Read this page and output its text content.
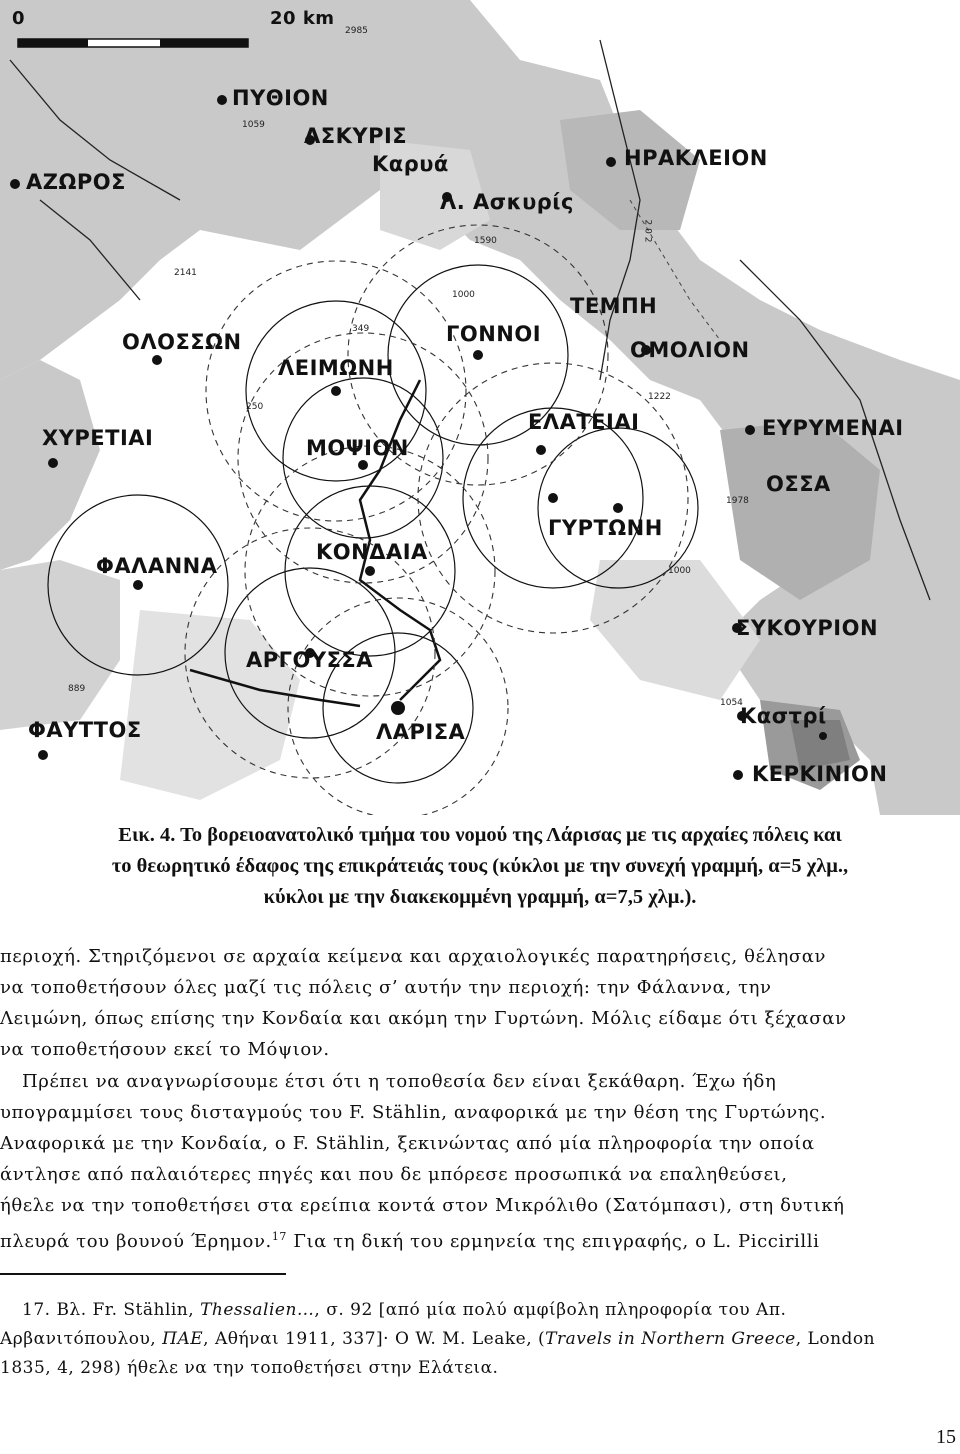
0	20 km
ΠΥΘΙΟΝ
ΑΣΚΥΡΙΣ
Καρυά	ΗΡΑΚΛΕΙΟΝ
ΑΖΩΡΟΣ
Λ. Ασκυρίς
ΤΕΜΠΗ
ΓΟΝΝΟΙ
ΟΛΟΣΣΩΝ	ΟΜΟΛΙΟΝ
ΛΕΙΜΩΝΗ
ΕΛΑΤΕΙΑΙ	ΕΥΡΥΜΕΝΑΙ
ΧΥΡΕΤΙΑΙ	ΜΟΨΙΟΝ
ΟΣΣΑ
ΓΥΡΤΩΝΗ
ΚΟΝΔΑΙΑ
ΦΑΛΑΝΝΑ
ΣΥΚΟΥΡΙΟΝ
ΑΡΓΟΥΣΣΑ
Καστρί
ΦΑΥΤΤΟΣ	ΛΑΡΙΣΑ
ΚΕΡΚΙΝΙΟΝ
2985
1059
1590
2141
1000
349
250
1222
1978
1000
1054
889
2 0 2
Εικ. 4. Το βορειοανατολικό τμήμα του νομού της Λάρισας με τις αρχαίες πόλεις και
το θεωρητικό έδαφος της επικράτειάς τους (κύκλοι με την συνεχή γραμμή, α=5 χλμ.,
κύκλοι με την διακεκομμένη γραμμή, α=7,5 χλμ.).
περιοχή. Στηριζόμενοι σε αρχαία κείμενα και αρχαιολογικές παρατηρήσεις, θέλησαν
να τοποθετήσουν όλες μαζί τις πόλεις σ’ αυτήν την περιοχή: την Φάλαννα, την
Λειμώνη, όπως επίσης την Κονδαία και ακόμη την Γυρτώνη. Μόλις είδαμε ότι ξέχασαν
να τοποθετήσουν εκεί το Μόψιον.
Πρέπει να αναγνωρίσουμε έτσι ότι η τοποθεσία δεν είναι ξεκάθαρη. Έχω ήδη
υπογραμμίσει τους δισταγμούς του F. Stählin, αναφορικά με την θέση της Γυρτώνης.
Αναφορικά με την Κονδαία, ο F. Stählin, ξεκινώντας από μία πληροφορία την οποία
άντλησε από παλαιότερες πηγές και που δε μπόρεσε προσωπικά να επαληθεύσει,
ήθελε να την τοποθετήσει στα ερείπια κοντά στον Μικρόλιθο (Σατόμπασι), στη δυτική
πλευρά του βουνού Έρημον.$^{17}$ Για τη δική του ερμηνεία της επιγραφής, ο L. Piccirilli
17. Βλ. Fr. Stählin, Thessalien…, σ. 92 [από μία πολύ αμφίβολη πληροφορία του Απ.
Αρβανιτόπουλου, ΠΑΕ, Αθήναι 1911, 337]· O W. M. Leake, (Travels in Northern Greece, London
1835, 4, 298) ήθελε να την τοποθετήσει στην Ελάτεια.
15
